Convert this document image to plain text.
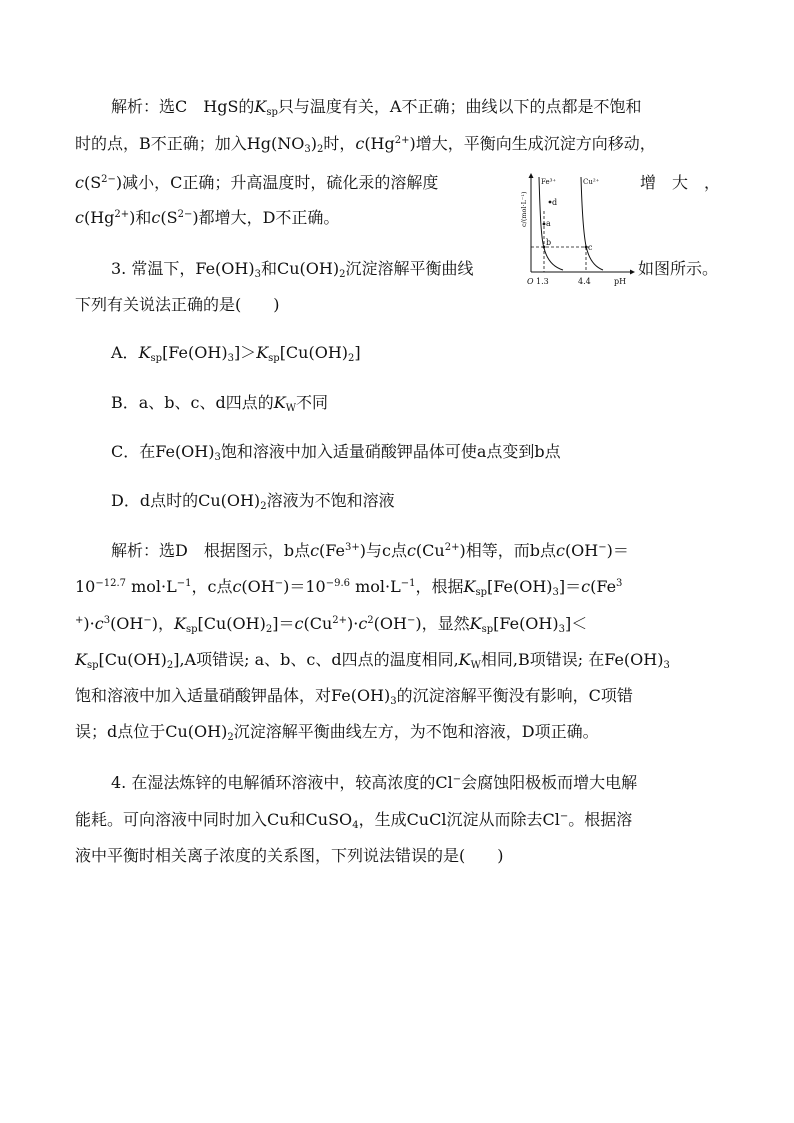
解析：选C　HgS的$K_{sp}$只与温度有关，A不正确；曲线以下的点都是不饱和
时的点，B不正确；加入$Hg(NO_3)_2$时，$c(Hg^{2+})$增大，平衡向生成沉淀方向移动，
$c(S^{2-})$减小，C正确；升高温度时，硫化汞的溶解度	增　大　，
$c(Hg^{2+})$和$c(S^{2-})$都增大，D不正确。
3. 常温下，$Fe(OH)_3$和$Cu(OH)_2$沉淀溶解平衡曲线	如图所示。
下列有关说法正确的是(　　)
A．$K_{sp}[Fe(OH)_3]>K_{sp}[Cu(OH)_2]$
B．a、b、c、d四点的$K_W$不同
C．在$Fe(OH)_3$饱和溶液中加入适量硝酸钾晶体可使a点变到b点
D．d点时的$Cu(OH)_2$溶液为不饱和溶液
解析：选D　根据图示，b点$c(Fe^{3+})$与c点$c(Cu^{2+})$相等，而b点c(OH−)＝
$10^{-12.7}$ $mol\cdot L^{-1}$，c点$c(OH^-)=10^{-9.6}$ $mol\cdot L^{-1}$，根据$K_{sp}[Fe(OH)_3]=c(Fe^3$
$^+)\cdot c^3(OH^-)$，$K_{sp}[Cu(OH)_2]=c(Cu^{2+})\cdot c^2(OH^-)$，显然$K_{sp}[Fe(OH)_3]<$
$K_{sp}[Cu(OH)_2],A$项错误; a、b、c、d四点的温度相同$,K_W$相同,B项错误; 在$Fe(OH)_3$
饱和溶液中加入适量硝酸钾晶体，对$Fe(OH)_3$的沉淀溶解平衡没有影响，C项错
误；d点位于$Cu(OH)_2$沉淀溶解平衡曲线左方，为不饱和溶液，D项正确。
4. 在湿法炼锌的电解循环溶液中，较高浓度的Cl−会腐蚀阳极板而增大电解
能耗。可向溶液中同时加入Cu和CuSO$_4$，生成CuCl沉淀从而除去Cl−。根据溶
液中平衡时相关离子浓度的关系图，下列说法错误的是(　　)
Fe³⁺	Cu²⁺
a
b
c
d
O 1.3	4.4	pH
c/(mol·L⁻¹)
